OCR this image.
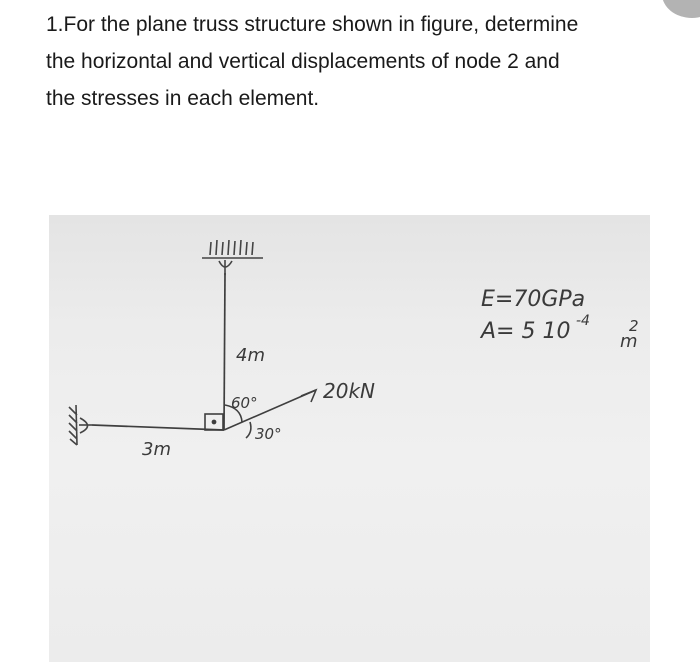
1.For the plane truss structure shown in figure, determine
the horizontal and vertical displacements of node 2 and
the stresses in each element.
4m
3m
60°
30°
20kN
E=70GPa
A= 5 10 -4	2
m
